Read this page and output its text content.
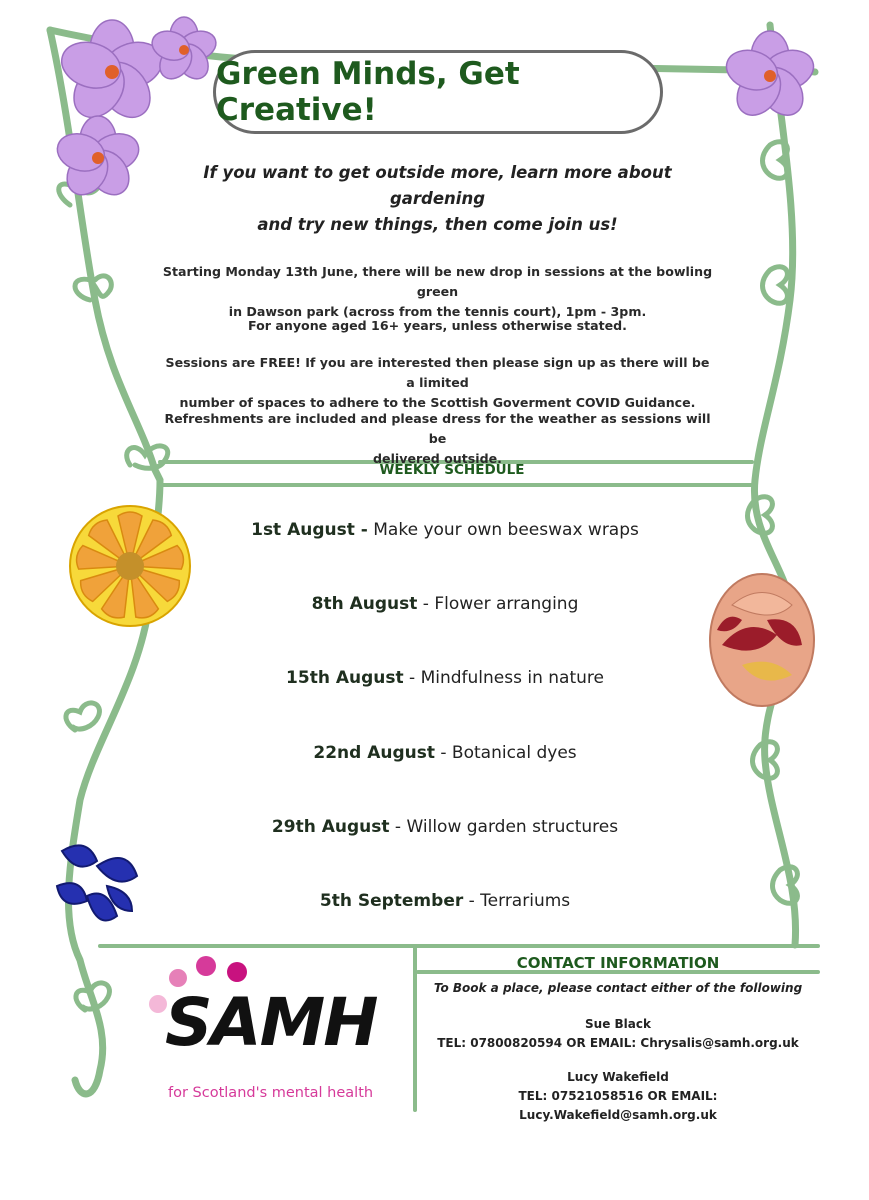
Green Minds, Get Creative!
If you want to get outside more, learn more about gardening
and try new things, then come join us!
Starting Monday 13th June, there will be new drop in sessions at the bowling green
in Dawson park (across from the tennis court), 1pm - 3pm.
For anyone aged 16+ years, unless otherwise stated.
Sessions are FREE! If you are interested then please sign up as there will be a limited
number of spaces to adhere to the Scottish Goverment COVID Guidance.
Refreshments are included and please dress for the weather as sessions will be
delivered outside.
WEEKLY SCHEDULE
1st August - Make your own beeswax wraps
8th August - Flower arranging
15th August - Mindfulness in nature
22nd August - Botanical dyes
29th August - Willow garden structures
5th September - Terrariums
SAMH
for Scotland's mental health
CONTACT INFORMATION
To Book a place, please contact either of the following
Sue Black
TEL: 07800820594 OR EMAIL: Chrysalis@samh.org.uk
Lucy Wakefield
TEL: 07521058516 OR EMAIL: Lucy.Wakefield@samh.org.uk
